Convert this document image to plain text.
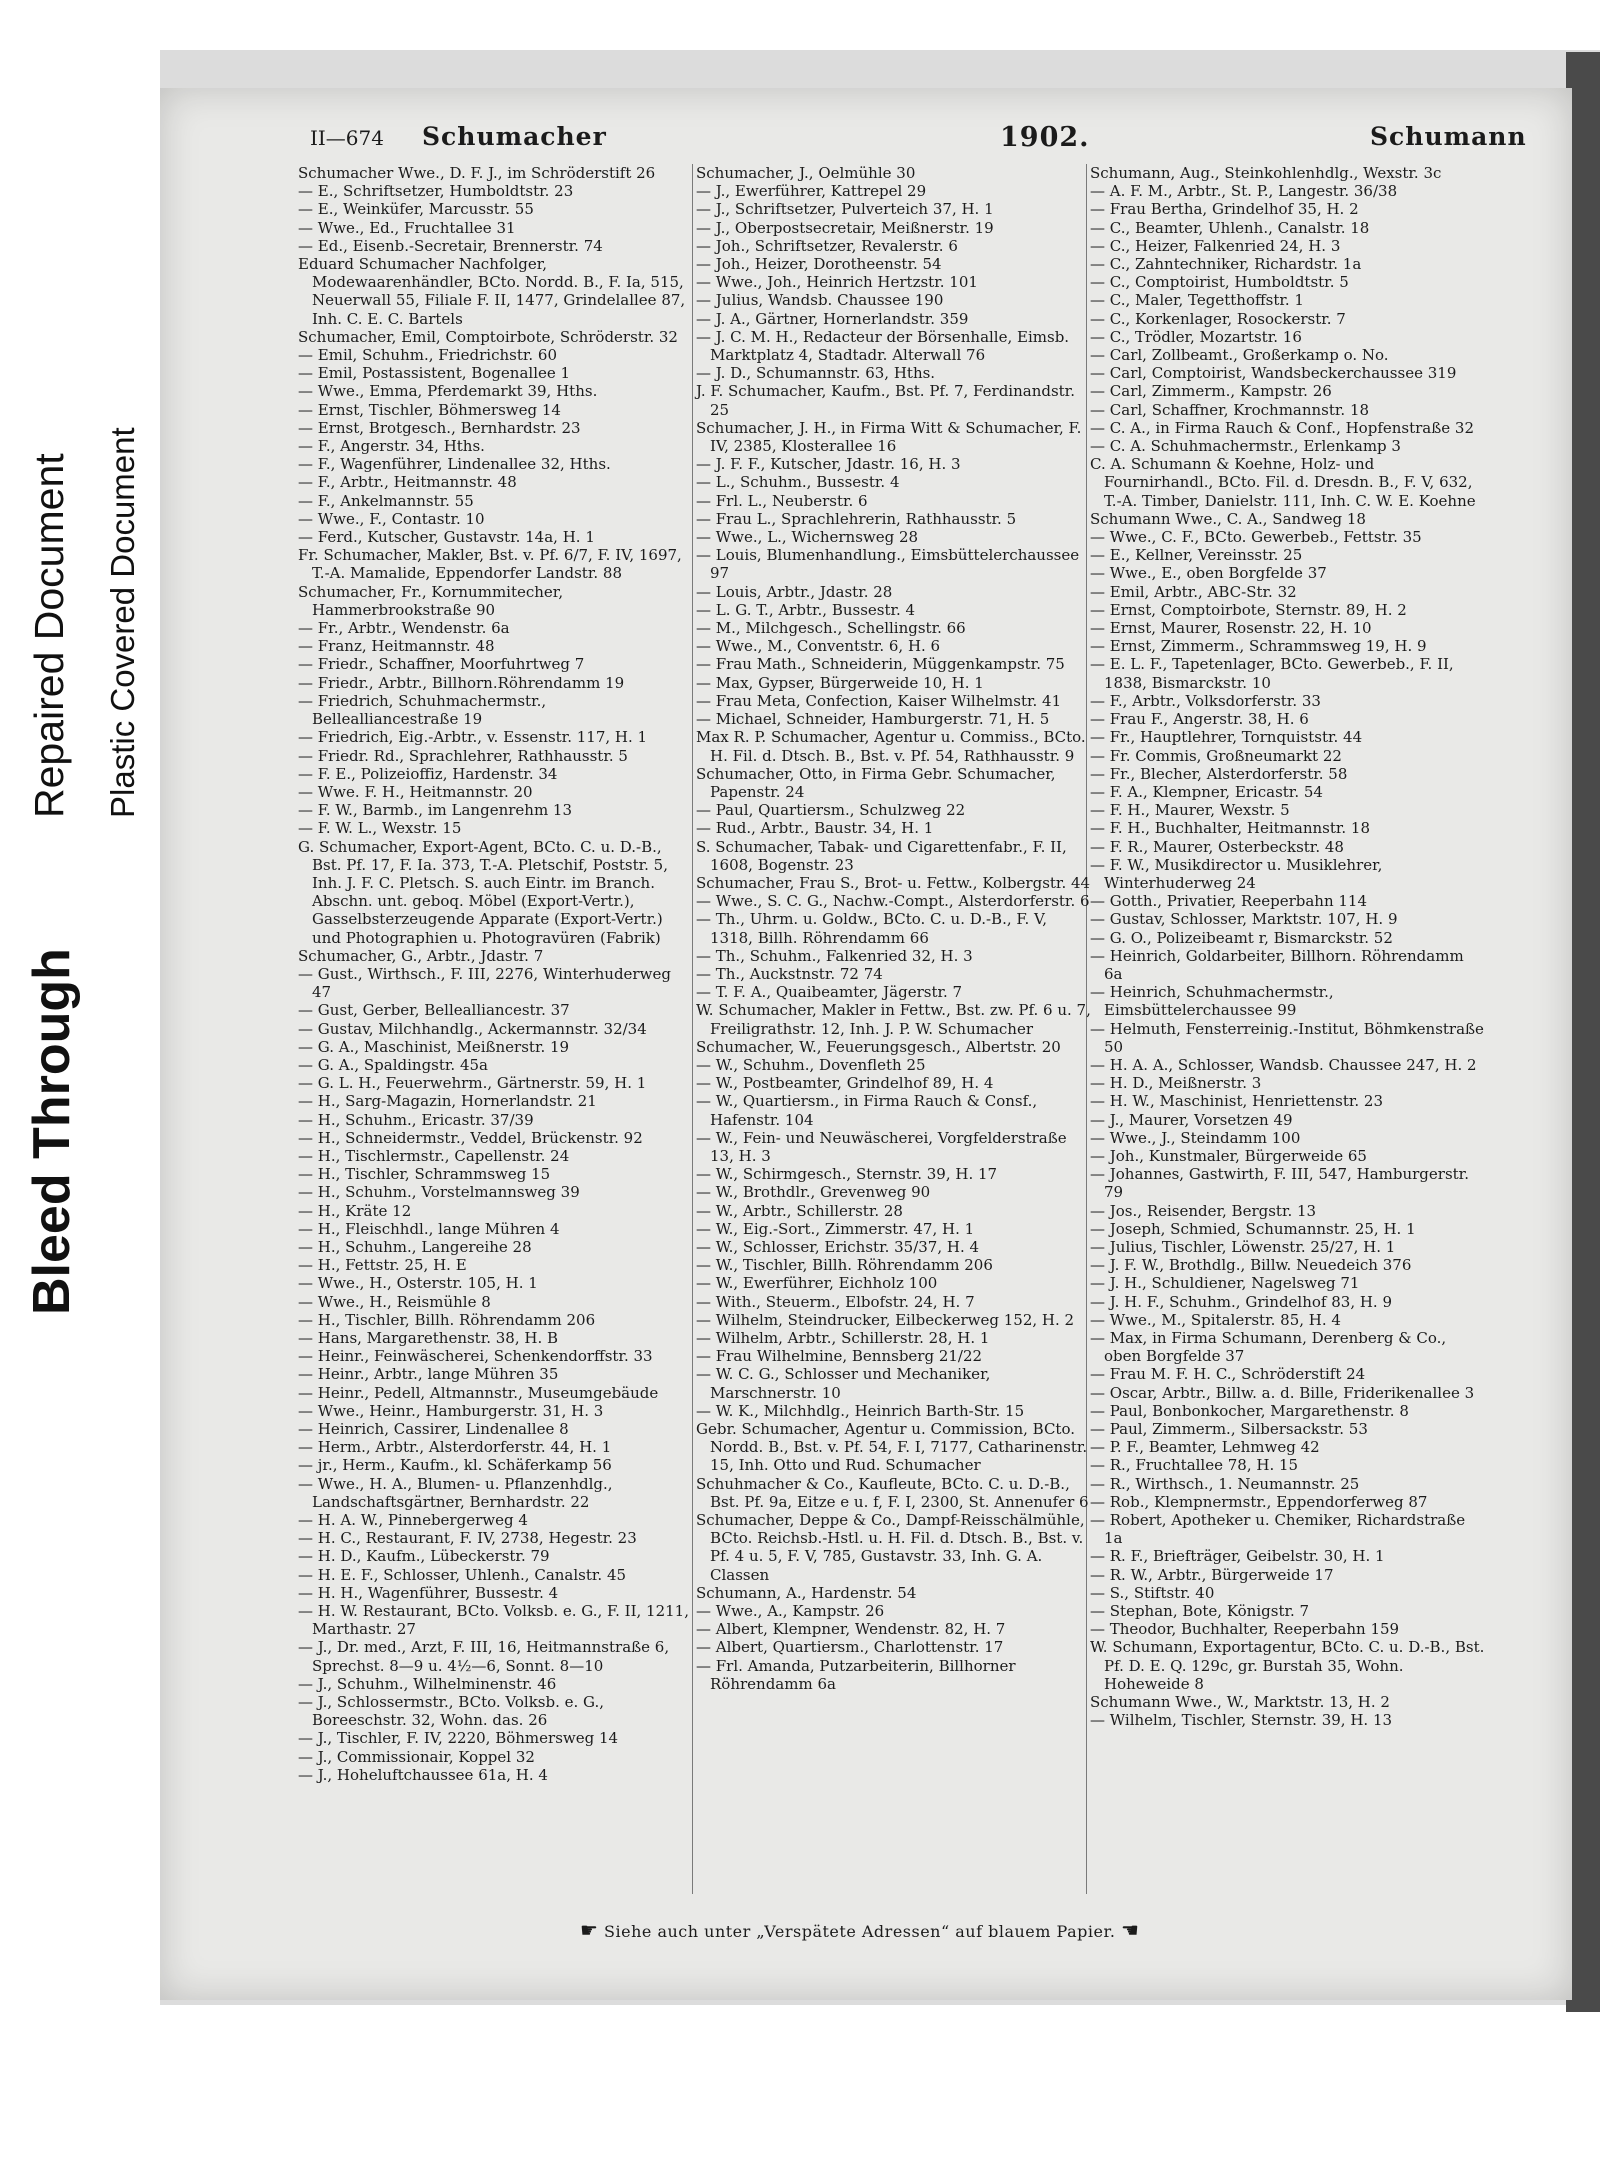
Bleed Through
Repaired Document Plastic Covered Document
II—674 Schumacher	1902.	Schumann
Schumacher Wwe., D. F. J., im Schröderstift 26
— E., Schriftsetzer, Humboldtstr. 23
— E., Weinküfer, Marcusstr. 55
— Wwe., Ed., Fruchtallee 31
— Ed., Eisenb.-Secretair, Brennerstr. 74
Eduard Schumacher Nachfolger, Modewaarenhändler, BCto. Nordd. B., F. Ia, 515, Neuerwall 55, Filiale F. II, 1477, Grindelallee 87, Inh. C. E. C. Bartels
Schumacher, Emil, Comptoirbote, Schröderstr. 32
— Emil, Schuhm., Friedrichstr. 60
— Emil, Postassistent, Bogenallee 1
— Wwe., Emma, Pferdemarkt 39, Hths.
— Ernst, Tischler, Böhmersweg 14
— Ernst, Brotgesch., Bernhardstr. 23
— F., Angerstr. 34, Hths.
— F., Wagenführer, Lindenallee 32, Hths.
— F., Arbtr., Heitmannstr. 48
— F., Ankelmannstr. 55
— Wwe., F., Contastr. 10
— Ferd., Kutscher, Gustavstr. 14a, H. 1
Fr. Schumacher, Makler, Bst. v. Pf. 6/7, F. IV, 1697, T.-A. Mamalide, Eppendorfer Landstr. 88
Schumacher, Fr., Kornummitecher, Hammerbrookstraße 90
— Fr., Arbtr., Wendenstr. 6a
— Franz, Heitmannstr. 48
— Friedr., Schaffner, Moorfuhrtweg 7
— Friedr., Arbtr., Billhorn.Röhrendamm 19
— Friedrich, Schuhmachermstr., Bellealliancestraße 19
— Friedrich, Eig.-Arbtr., v. Essenstr. 117, H. 1
— Friedr. Rd., Sprachlehrer, Rathhausstr. 5
— F. E., Polizeioffiz, Hardenstr. 34
— Wwe. F. H., Heitmannstr. 20
— F. W., Barmb., im Langenrehm 13
— F. W. L., Wexstr. 15
G. Schumacher, Export-Agent, BCto. C. u. D.-B., Bst. Pf. 17, F. Ia. 373, T.-A. Pletschif, Poststr. 5, Inh. J. F. C. Pletsch. S. auch Eintr. im Branch. Abschn. unt. geboq. Möbel (Export-Vertr.), Gasselbsterzeugende Apparate (Export-Vertr.) und Photographien u. Photogravüren (Fabrik)
Schumacher, G., Arbtr., Jdastr. 7
— Gust., Wirthsch., F. III, 2276, Winterhuderweg 47
— Gust, Gerber, Bellealliancestr. 37
— Gustav, Milchhandlg., Ackermannstr. 32/34
— G. A., Maschinist, Meißnerstr. 19
— G. A., Spaldingstr. 45a
— G. L. H., Feuerwehrm., Gärtnerstr. 59, H. 1
— H., Sarg-Magazin, Hornerlandstr. 21
— H., Schuhm., Ericastr. 37/39
— H., Schneidermstr., Veddel, Brückenstr. 92
— H., Tischlermstr., Capellenstr. 24
— H., Tischler, Schrammsweg 15
— H., Schuhm., Vorstelmannsweg 39
— H., Kräte 12
— H., Fleischhdl., lange Mühren 4
— H., Schuhm., Langereihe 28
— H., Fettstr. 25, H. E
— Wwe., H., Osterstr. 105, H. 1
— Wwe., H., Reismühle 8
— H., Tischler, Billh. Röhrendamm 206
— Hans, Margarethenstr. 38, H. B
— Heinr., Feinwäscherei, Schenkendorffstr. 33
— Heinr., Arbtr., lange Mühren 35
— Heinr., Pedell, Altmannstr., Museumgebäude
— Wwe., Heinr., Hamburgerstr. 31, H. 3
— Heinrich, Cassirer, Lindenallee 8
— Herm., Arbtr., Alsterdorferstr. 44, H. 1
— jr., Herm., Kaufm., kl. Schäferkamp 56
— Wwe., H. A., Blumen- u. Pflanzenhdlg., Landschaftsgärtner, Bernhardstr. 22
— H. A. W., Pinnebergerweg 4
— H. C., Restaurant, F. IV, 2738, Hegestr. 23
— H. D., Kaufm., Lübeckerstr. 79
— H. E. F., Schlosser, Uhlenh., Canalstr. 45
— H. H., Wagenführer, Bussestr. 4
— H. W. Restaurant, BCto. Volksb. e. G., F. II, 1211, Marthastr. 27
— J., Dr. med., Arzt, F. III, 16, Heitmannstraße 6, Sprechst. 8—9 u. 4½—6, Sonnt. 8—10
— J., Schuhm., Wilhelminenstr. 46
— J., Schlossermstr., BCto. Volksb. e. G., Boreeschstr. 32, Wohn. das. 26
— J., Tischler, F. IV, 2220, Böhmersweg 14
— J., Commissionair, Koppel 32
— J., Hoheluftchaussee 61a, H. 4
Schumacher, J., Oelmühle 30
— J., Ewerführer, Kattrepel 29
— J., Schriftsetzer, Pulverteich 37, H. 1
— J., Oberpostsecretair, Meißnerstr. 19
— Joh., Schriftsetzer, Revalerstr. 6
— Joh., Heizer, Dorotheenstr. 54
— Wwe., Joh., Heinrich Hertzstr. 101
— Julius, Wandsb. Chaussee 190
— J. A., Gärtner, Hornerlandstr. 359
— J. C. M. H., Redacteur der Börsenhalle, Eimsb. Marktplatz 4, Stadtadr. Alterwall 76
— J. D., Schumannstr. 63, Hths.
J. F. Schumacher, Kaufm., Bst. Pf. 7, Ferdinandstr. 25
Schumacher, J. H., in Firma Witt & Schumacher, F. IV, 2385, Klosterallee 16
— J. F. F., Kutscher, Jdastr. 16, H. 3
— L., Schuhm., Bussestr. 4
— Frl. L., Neuberstr. 6
— Frau L., Sprachlehrerin, Rathhausstr. 5
— Wwe., L., Wichernsweg 28
— Louis, Blumenhandlung., Eimsbüttelerchaussee 97
— Louis, Arbtr., Jdastr. 28
— L. G. T., Arbtr., Bussestr. 4
— M., Milchgesch., Schellingstr. 66
— Wwe., M., Conventstr. 6, H. 6
— Frau Math., Schneiderin, Müggenkampstr. 75
— Max, Gypser, Bürgerweide 10, H. 1
— Frau Meta, Confection, Kaiser Wilhelmstr. 41
— Michael, Schneider, Hamburgerstr. 71, H. 5
Max R. P. Schumacher, Agentur u. Commiss., BCto. H. Fil. d. Dtsch. B., Bst. v. Pf. 54, Rathhausstr. 9
Schumacher, Otto, in Firma Gebr. Schumacher, Papenstr. 24
— Paul, Quartiersm., Schulzweg 22
— Rud., Arbtr., Baustr. 34, H. 1
S. Schumacher, Tabak- und Cigarettenfabr., F. II, 1608, Bogenstr. 23
Schumacher, Frau S., Brot- u. Fettw., Kolbergstr. 44
— Wwe., S. C. G., Nachw.-Compt., Alsterdorferstr. 6
— Th., Uhrm. u. Goldw., BCto. C. u. D.-B., F. V, 1318, Billh. Röhrendamm 66
— Th., Schuhm., Falkenried 32, H. 3
— Th., Auckstnstr. 72 74
— T. F. A., Quaibeamter, Jägerstr. 7
W. Schumacher, Makler in Fettw., Bst. zw. Pf. 6 u. 7, Freiligrathstr. 12, Inh. J. P. W. Schumacher
Schumacher, W., Feuerungsgesch., Albertstr. 20
— W., Schuhm., Dovenfleth 25
— W., Postbeamter, Grindelhof 89, H. 4
— W., Quartiersm., in Firma Rauch & Consf., Hafenstr. 104
— W., Fein- und Neuwäscherei, Vorgfelderstraße 13, H. 3
— W., Schirmgesch., Sternstr. 39, H. 17
— W., Brothdlr., Grevenweg 90
— W., Arbtr., Schillerstr. 28
— W., Eig.-Sort., Zimmerstr. 47, H. 1
— W., Schlosser, Erichstr. 35/37, H. 4
— W., Tischler, Billh. Röhrendamm 206
— W., Ewerführer, Eichholz 100
— With., Steuerm., Elbofstr. 24, H. 7
— Wilhelm, Steindrucker, Eilbeckerweg 152, H. 2
— Wilhelm, Arbtr., Schillerstr. 28, H. 1
— Frau Wilhelmine, Bennsberg 21/22
— W. C. G., Schlosser und Mechaniker, Marschnerstr. 10
— W. K., Milchhdlg., Heinrich Barth-Str. 15
Gebr. Schumacher, Agentur u. Commission, BCto. Nordd. B., Bst. v. Pf. 54, F. I, 7177, Catharinenstr. 15, Inh. Otto und Rud. Schumacher
Schuhmacher & Co., Kaufleute, BCto. C. u. D.-B., Bst. Pf. 9a, Eitze e u. f, F. I, 2300, St. Annenufer 6
Schumacher, Deppe & Co., Dampf-Reisschälmühle, BCto. Reichsb.-Hstl. u. H. Fil. d. Dtsch. B., Bst. v. Pf. 4 u. 5, F. V, 785, Gustavstr. 33, Inh. G. A. Classen
Schumann, A., Hardenstr. 54
— Wwe., A., Kampstr. 26
— Albert, Klempner, Wendenstr. 82, H. 7
— Albert, Quartiersm., Charlottenstr. 17
— Frl. Amanda, Putzarbeiterin, Billhorner Röhrendamm 6a
Schumann, Aug., Steinkohlenhdlg., Wexstr. 3c
— A. F. M., Arbtr., St. P., Langestr. 36/38
— Frau Bertha, Grindelhof 35, H. 2
— C., Beamter, Uhlenh., Canalstr. 18
— C., Heizer, Falkenried 24, H. 3
— C., Zahntechniker, Richardstr. 1a
— C., Comptoirist, Humboldtstr. 5
— C., Maler, Tegetthoffstr. 1
— C., Korkenlager, Rosockerstr. 7
— C., Trödler, Mozartstr. 16
— Carl, Zollbeamt., Großerkamp o. No.
— Carl, Comptoirist, Wandsbeckerchaussee 319
— Carl, Zimmerm., Kampstr. 26
— Carl, Schaffner, Krochmannstr. 18
— C. A., in Firma Rauch & Conf., Hopfenstraße 32
— C. A. Schuhmachermstr., Erlenkamp 3
C. A. Schumann & Koehne, Holz- und Fournirhandl., BCto. Fil. d. Dresdn. B., F. V, 632, T.-A. Timber, Danielstr. 111, Inh. C. W. E. Koehne
Schumann Wwe., C. A., Sandweg 18
— Wwe., C. F., BCto. Gewerbeb., Fettstr. 35
— E., Kellner, Vereinsstr. 25
— Wwe., E., oben Borgfelde 37
— Emil, Arbtr., ABC-Str. 32
— Ernst, Comptoirbote, Sternstr. 89, H. 2
— Ernst, Maurer, Rosenstr. 22, H. 10
— Ernst, Zimmerm., Schrammsweg 19, H. 9
— E. L. F., Tapetenlager, BCto. Gewerbeb., F. II, 1838, Bismarckstr. 10
— F., Arbtr., Volksdorferstr. 33
— Frau F., Angerstr. 38, H. 6
— Fr., Hauptlehrer, Tornquiststr. 44
— Fr. Commis, Großneumarkt 22
— Fr., Blecher, Alsterdorferstr. 58
— F. A., Klempner, Ericastr. 54
— F. H., Maurer, Wexstr. 5
— F. H., Buchhalter, Heitmannstr. 18
— F. R., Maurer, Osterbeckstr. 48
— F. W., Musikdirector u. Musiklehrer, Winterhuderweg 24
— Gotth., Privatier, Reeperbahn 114
— Gustav, Schlosser, Marktstr. 107, H. 9
— G. O., Polizeibeamt r, Bismarckstr. 52
— Heinrich, Goldarbeiter, Billhorn. Röhrendamm 6a
— Heinrich, Schuhmachermstr., Eimsbüttelerchaussee 99
— Helmuth, Fensterreinig.-Institut, Böhmkenstraße 50
— H. A. A., Schlosser, Wandsb. Chaussee 247, H. 2
— H. D., Meißnerstr. 3
— H. W., Maschinist, Henriettenstr. 23
— J., Maurer, Vorsetzen 49
— Wwe., J., Steindamm 100
— Joh., Kunstmaler, Bürgerweide 65
— Johannes, Gastwirth, F. III, 547, Hamburgerstr. 79
— Jos., Reisender, Bergstr. 13
— Joseph, Schmied, Schumannstr. 25, H. 1
— Julius, Tischler, Löwenstr. 25/27, H. 1
— J. F. W., Brothdlg., Billw. Neuedeich 376
— J. H., Schuldiener, Nagelsweg 71
— J. H. F., Schuhm., Grindelhof 83, H. 9
— Wwe., M., Spitalerstr. 85, H. 4
— Max, in Firma Schumann, Derenberg & Co., oben Borgfelde 37
— Frau M. F. H. C., Schröderstift 24
— Oscar, Arbtr., Billw. a. d. Bille, Friderikenallee 3
— Paul, Bonbonkocher, Margarethenstr. 8
— Paul, Zimmerm., Silbersackstr. 53
— P. F., Beamter, Lehmweg 42
— R., Fruchtallee 78, H. 15
— R., Wirthsch., 1. Neumannstr. 25
— Rob., Klempnermstr., Eppendorferweg 87
— Robert, Apotheker u. Chemiker, Richardstraße 1a
— R. F., Briefträger, Geibelstr. 30, H. 1
— R. W., Arbtr., Bürgerweide 17
— S., Stiftstr. 40
— Stephan, Bote, Königstr. 7
— Theodor, Buchhalter, Reeperbahn 159
W. Schumann, Exportagentur, BCto. C. u. D.-B., Bst. Pf. D. E. Q. 129c, gr. Burstah 35, Wohn. Hoheweide 8
Schumann Wwe., W., Marktstr. 13, H. 2
— Wilhelm, Tischler, Sternstr. 39, H. 13
☛ Siehe auch unter „Verspätete Adressen“ auf blauem Papier. ☚
